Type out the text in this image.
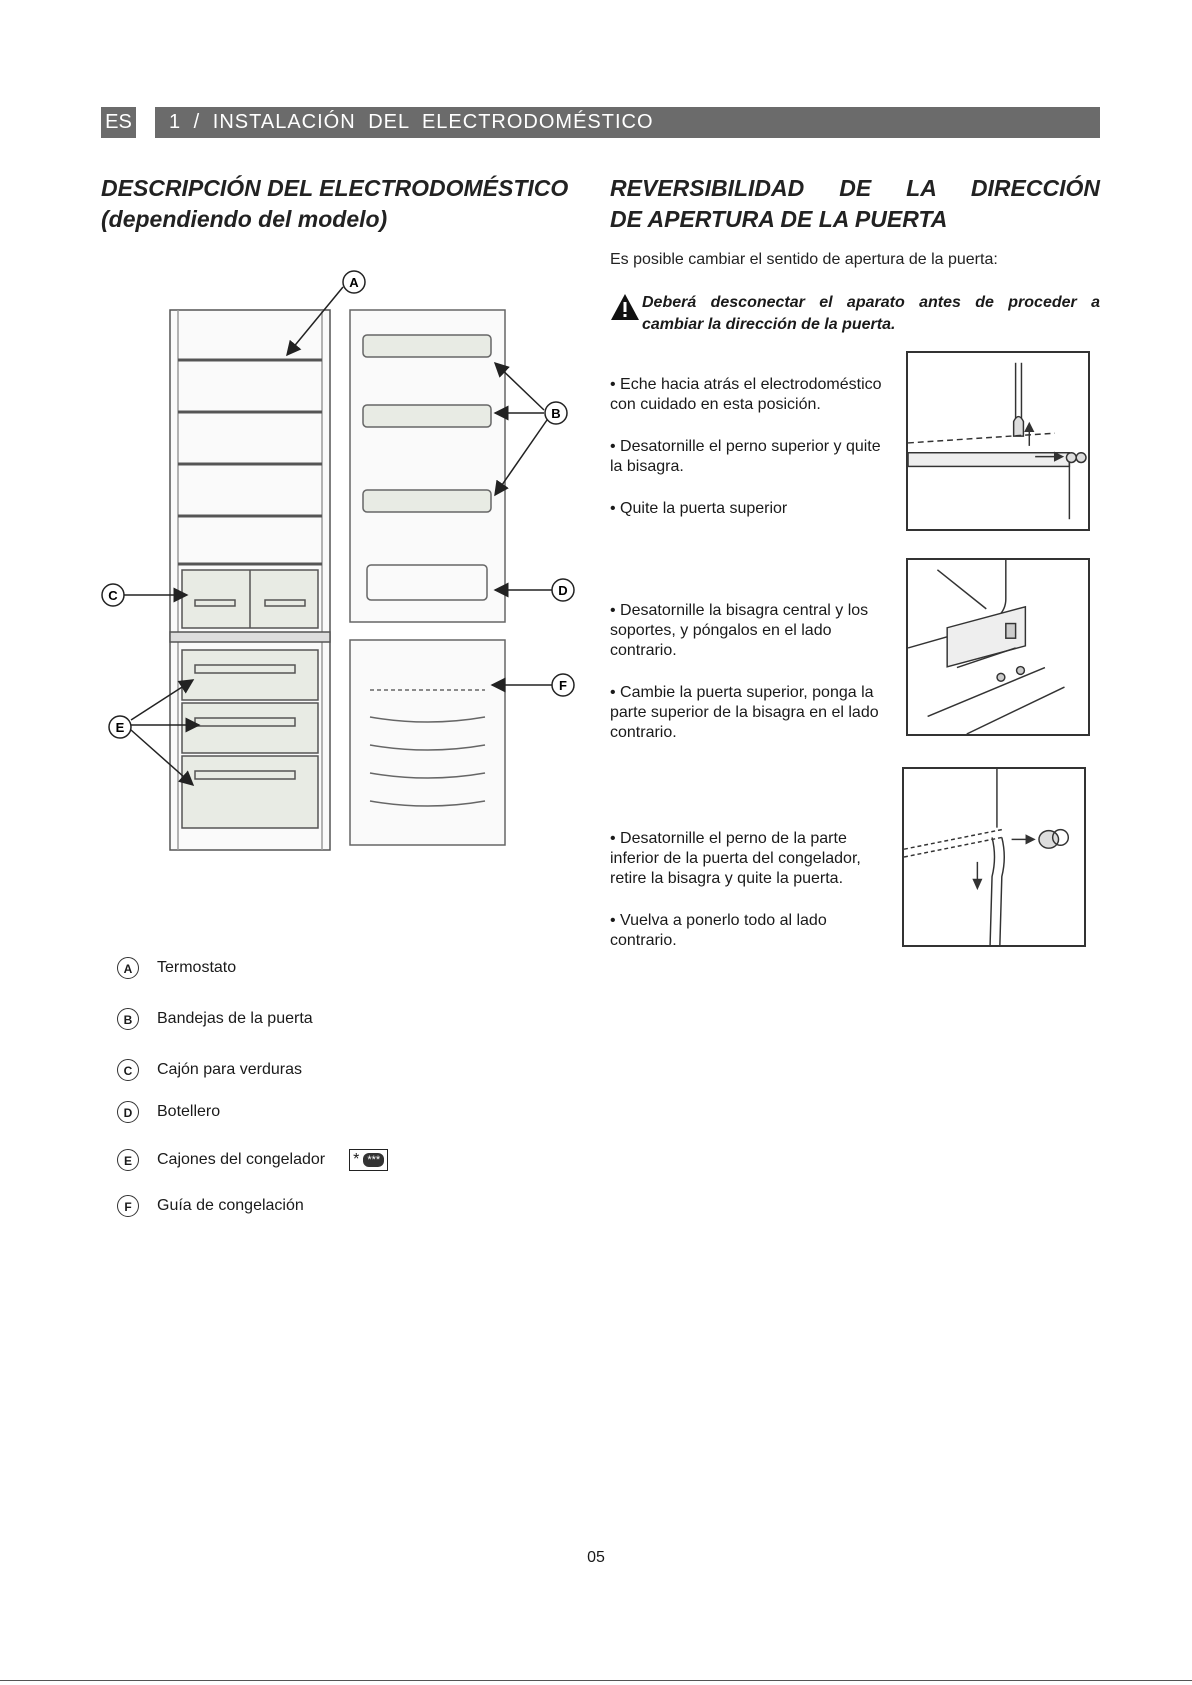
ES	1 / INSTALACIÓN DEL ELECTRODOMÉSTICO
DESCRIPCIÓN DEL ELECTRODOMÉSTICO
(dependiendo del modelo)
REVERSIBILIDAD DE LA DIRECCIÓN
DE APERTURA DE LA PUERTA
A
B
C	D
E
F
A	Termostato
B	Bandejas de la puerta
C	Cajón para verduras
D	Botellero
E	Cajones del congelador * ***
F	Guía de congelación
Es posible cambiar el sentido de apertura de la puerta:
Deberá desconectar el aparato antes de proceder a
cambiar la dirección de la puerta.

• Eche hacia atrás el electrodoméstico con cuidado en esta posición.

• Desatornille el perno superior y quite la bisagra.

• Quite la puerta superior

• Desatornille la bisagra central y los soportes, y póngalos en el lado contrario.

• Cambie la puerta superior, ponga la parte superior de la bisagra en el lado contrario.

• Desatornille el perno de la parte inferior de la puerta del congelador, retire la bisagra y quite la puerta.

• Vuelva a ponerlo todo al lado contrario.

05
